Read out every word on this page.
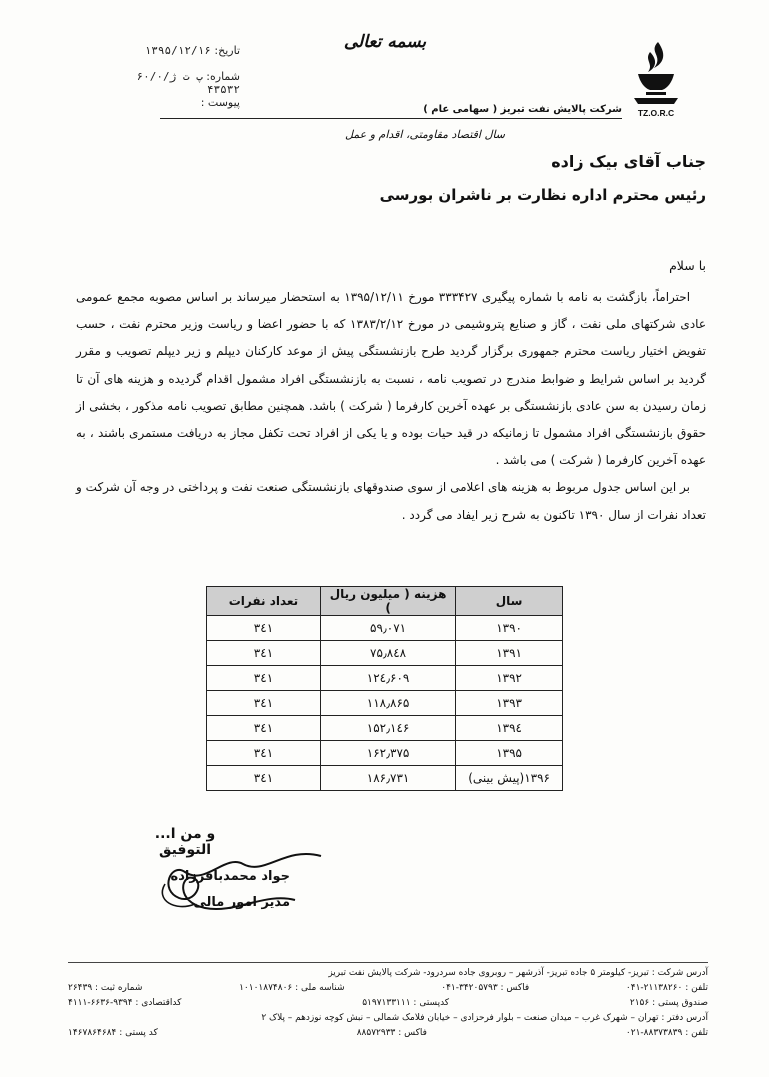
بسمه تعالی
تاریخ: ۱۳۹۵/۱۲/۱۶
شماره: پ ت ژ/۶۰/۰ ۴۳۵۳۲
پیوست :
TZ.O.R.C
شرکت پالایش نفت تبریز ( سهامی عام )
سال اقتصاد مقاومتی، اقدام و عمل
جناب آقای بیک زاده
رئیس محترم اداره نظارت بر ناشران بورسی
با سلام

احتراماً، بازگشت به نامه با شماره پیگیری ۳۳۳۴۲۷ مورخ ۱۳۹۵/۱۲/۱۱ به استحضار میرساند بر اساس مصوبه مجمع عمومی عادی شرکتهای ملی نفت ، گاز و صنایع پتروشیمی در مورخ ۱۳۸۳/۲/۱۲ که با حضور اعضا و ریاست وزیر محترم نفت ، حسب تفویض اختیار ریاست محترم جمهوری برگزار گردید طرح بازنشستگی پیش از موعد کارکنان دیپلم و زیر دیپلم تصویب و مقرر گردید بر اساس شرایط و ضوابط مندرج در تصویب نامه ، نسبت به بازنشستگی افراد مشمول اقدام گردیده و هزینه های آن تا زمان رسیدن به سن عادی بازنشستگی بر عهده آخرین کارفرما ( شرکت ) باشد. همچنین مطابق تصویب نامه مذکور ، بخشی از حقوق بازنشستگی افراد مشمول تا زمانیکه در قید حیات بوده و یا یکی از افراد تحت تکفل مجاز به دریافت مستمری باشند ، به عهده آخرین کارفرما ( شرکت ) می باشد .

بر این اساس جدول مربوط به هزینه های اعلامی از سوی صندوقهای بازنشستگی صنعت نفت و پرداختی در وجه آن شرکت و تعداد نفرات از سال ۱۳۹۰ تاکنون به شرح زیر ایفاد می گردد .

سال	هزینه ( میلیون ریال )	تعداد نفرات
۱۳۹۰	۵۹٫۰۷۱	۳٤۱
۱۳۹۱	۷۵٫۸٤۸	۳٤۱
۱۳۹۲	۱۲٤٫۶۰۹	۳٤۱
۱۳۹۳	۱۱۸٫۸۶۵	۳٤۱
۱۳۹٤	۱۵۲٫۱٤۶	۳٤۱
۱۳۹۵	۱۶۲٫۳۷۵	۳٤۱
۱۳۹۶(پیش بینی)	۱۸۶٫۷۳۱	۳٤۱
و من ا... التوفیق
جواد محمدباقرزاده
مدیر امور مالی
آدرس شرکت : تبریز- کیلومتر ۵ جاده تبریز- آذرشهر – روبروی جاده سردرود- شرکت پالایش نفت تبریز
تلفن : ۲۱۱۳۸۲۶۰-۰۴۱
فاکس : ۳۴۲۰۵۷۹۳-۰۴۱
شناسه ملی : ۱۰۱۰۱۸۷۴۸۰۶
شماره ثبت : ۲۶۴۳۹
صندوق پستی : ۲۱۵۶
کدپستی : ۵۱۹۷۱۳۳۱۱۱
کداقتصادی : ۹۳۹۴-۶۶۳۶-۴۱۱۱
آدرس دفتر : تهران – شهرک غرب – میدان صنعت – بلوار فرحزادی – خیابان فلامک شمالی – نبش کوچه نوزدهم – پلاک ۲
تلفن : ۸۸۳۷۳۸۳۹-۰۲۱
فاکس : ۸۸۵۷۲۹۳۳
کد پستی : ۱۴۶۷۸۶۴۶۸۴
